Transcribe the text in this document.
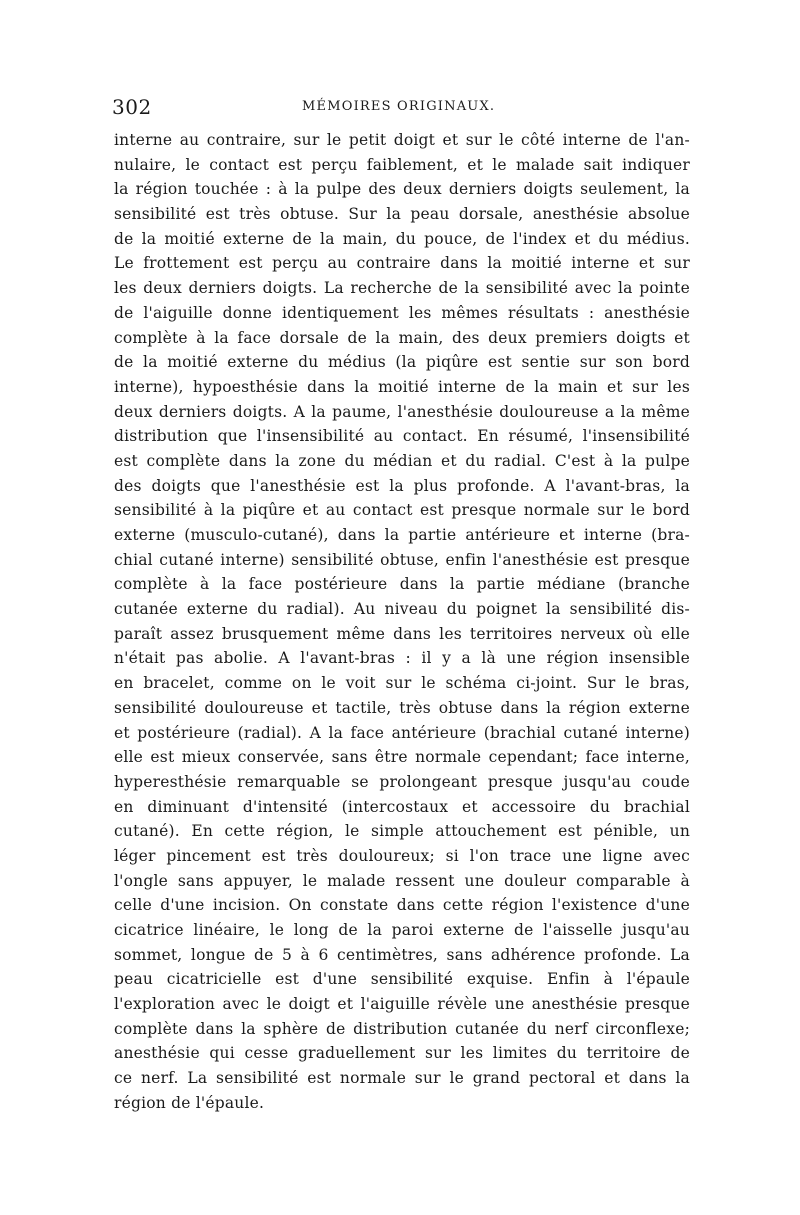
302	MÉMOIRES ORIGINAUX.
interne au contraire, sur le petit doigt et sur le côté interne de l'an-
nulaire, le contact est perçu faiblement, et le malade sait indiquer
la région touchée : à la pulpe des deux derniers doigts seulement, la
sensibilité est très obtuse. Sur la peau dorsale, anesthésie absolue
de la moitié externe de la main, du pouce, de l'index et du médius.
Le frottement est perçu au contraire dans la moitié interne et sur
les deux derniers doigts. La recherche de la sensibilité avec la pointe
de l'aiguille donne identiquement les mêmes résultats : anesthésie
complète à la face dorsale de la main, des deux premiers doigts et
de la moitié externe du médius (la piqûre est sentie sur son bord
interne), hypoesthésie dans la moitié interne de la main et sur les
deux derniers doigts. A la paume, l'anesthésie douloureuse a la même
distribution que l'insensibilité au contact. En résumé, l'insensibilité
est complète dans la zone du médian et du radial. C'est à la pulpe
des doigts que l'anesthésie est la plus profonde. A l'avant-bras, la
sensibilité à la piqûre et au contact est presque normale sur le bord
externe (musculo-cutané), dans la partie antérieure et interne (bra-
chial cutané interne) sensibilité obtuse, enfin l'anesthésie est presque
complète à la face postérieure dans la partie médiane (branche
cutanée externe du radial). Au niveau du poignet la sensibilité dis-
paraît assez brusquement même dans les territoires nerveux où elle
n'était pas abolie. A l'avant-bras : il y a là une région insensible
en bracelet, comme on le voit sur le schéma ci-joint. Sur le bras,
sensibilité douloureuse et tactile, très obtuse dans la région externe
et postérieure (radial). A la face antérieure (brachial cutané interne)
elle est mieux conservée, sans être normale cependant; face interne,
hyperesthésie remarquable se prolongeant presque jusqu'au coude
en diminuant d'intensité (intercostaux et accessoire du brachial
cutané). En cette région, le simple attouchement est pénible, un
léger pincement est très douloureux; si l'on trace une ligne avec
l'ongle sans appuyer, le malade ressent une douleur comparable à
celle d'une incision. On constate dans cette région l'existence d'une
cicatrice linéaire, le long de la paroi externe de l'aisselle jusqu'au
sommet, longue de 5 à 6 centimètres, sans adhérence profonde. La
peau cicatricielle est d'une sensibilité exquise. Enfin à l'épaule
l'exploration avec le doigt et l'aiguille révèle une anesthésie presque
complète dans la sphère de distribution cutanée du nerf circonflexe;
anesthésie qui cesse graduellement sur les limites du territoire de
ce nerf. La sensibilité est normale sur le grand pectoral et dans la
région de l'épaule.
